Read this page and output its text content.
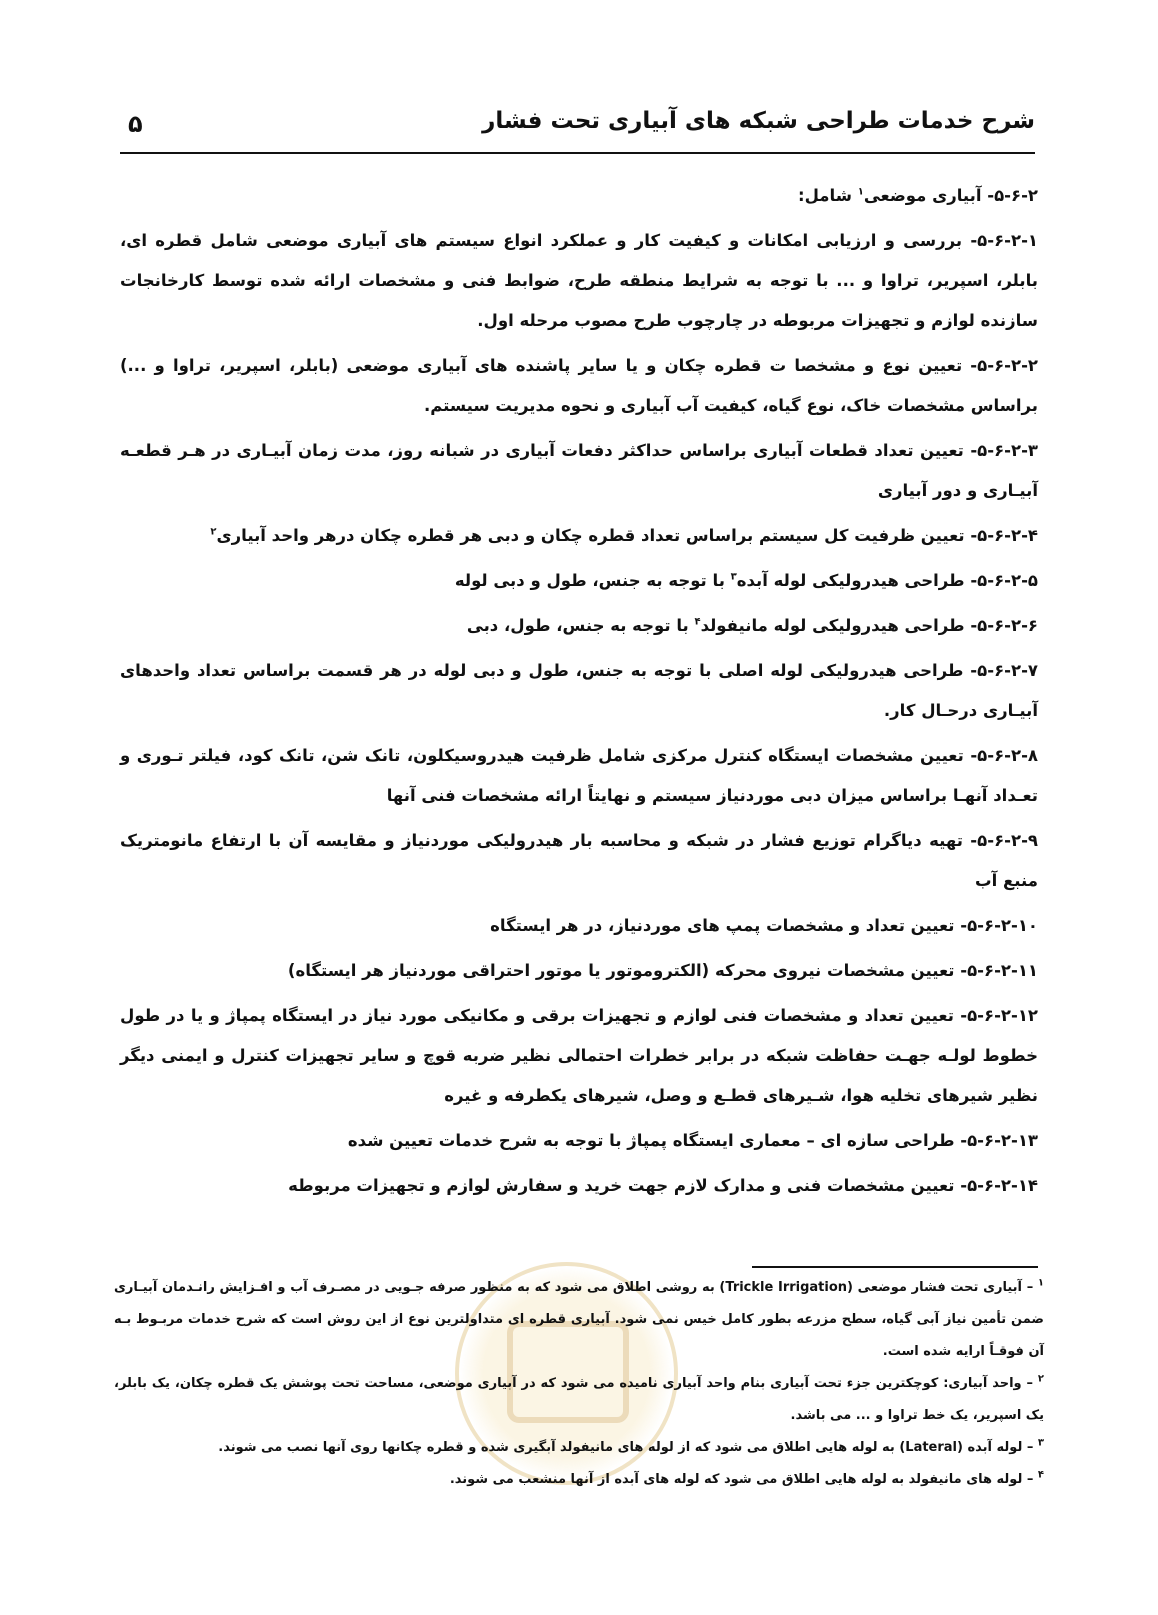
شرح خدمات طراحی شبکه های آبیاری تحت فشار
۵

۵-۶-۲- آبیاری موضعی$^۱$ شامل:

۵-۶-۲-۱- بررسی و ارزیابی امکانات و کیفیت کار و عملکرد انواع سیستم های آبیاری موضعی شامل قطره ای، بابلر، اسپریر، تراوا و ... با توجه به شرایط منطقه طرح، ضوابط فنی و مشخصات ارائه شده توسط کارخانجات سازنده لوازم و تجهیزات مربوطه در چارچوب طرح مصوب مرحله اول.

۵-۶-۲-۲- تعیین نوع و مشخصا ت قطره چکان و یا سایر پاشنده های آبیاری موضعی (بابلر، اسپریر، تراوا و ...) براساس مشخصات خاک، نوع گیاه، کیفیت آب آبیاری و نحوه مدیریت سیستم.

۵-۶-۲-۳- تعیین تعداد قطعات آبیاری براساس حداکثر دفعات آبیاری در شبانه روز، مدت زمان آبیـاری در هـر قطعـه آبیـاری و دور آبیاری

۵-۶-۲-۴- تعیین ظرفیت کل سیستم براساس تعداد قطره چکان و دبی هر قطره چکان درهر واحد آبیاری$^۲$

۵-۶-۲-۵- طراحی هیدرولیکی لوله آبده$^۳$ با توجه به جنس، طول و دبی لوله

۵-۶-۲-۶- طراحی هیدرولیکی لوله مانیفولد$^۴$ با توجه به جنس، طول، دبی

۵-۶-۲-۷- طراحی هیدرولیکی لوله اصلی با توجه به جنس، طول و دبی لوله در هر قسمت براساس تعداد واحدهای آبیـاری درحـال کار.

۵-۶-۲-۸- تعیین مشخصات ایستگاه کنترل مرکزی شامل ظرفیت هیدروسیکلون، تانک شن، تانک کود، فیلتر تـوری و تعـداد آنهـا براساس میزان دبی موردنیاز سیستم و نهایتاً ارائه مشخصات فنی آنها

۵-۶-۲-۹- تهیه دیاگرام توزیع فشار در شبکه و محاسبه بار هیدرولیکی موردنیاز و مقایسه آن با ارتفاع مانومتریک منبع آب

۵-۶-۲-۱۰- تعیین تعداد و مشخصات پمپ های موردنیاز، در هر ایستگاه

۵-۶-۲-۱۱- تعیین مشخصات نیروی محرکه (الکتروموتور یا موتور احتراقی موردنیاز هر ایستگاه)

۵-۶-۲-۱۲- تعیین تعداد و مشخصات فنی لوازم و تجهیزات برقی و مکانیکی مورد نیاز در ایستگاه پمپاژ و یا در طول خطوط لولـه جهـت حفاظت شبکه در برابر خطرات احتمالی نظیر ضربه قوچ و سایر تجهیزات کنترل و ایمنی دیگر نظیر شیرهای تخلیه هوا، شـیرهای قطـع و وصل، شیرهای یکطرفه و غیره

۵-۶-۲-۱۳- طراحی سازه ای – معماری ایستگاه پمپاژ با توجه به شرح خدمات تعیین شده

۵-۶-۲-۱۴- تعیین مشخصات فنی و مدارک لازم جهت خرید و سفارش لوازم و تجهیزات مربوطه

$^۱$ – آبیاری تحت فشار موضعی (Trickle Irrigation) به روشی اطلاق می شود که به منظور صرفه جـویی در مصـرف آب و افـزایش رانـدمان آبیـاری ضمن تأمین نیاز آبی گیاه، سطح مزرعه بطور کامل خیس نمی شود. آبیاری قطره ای متداولترین نوع از این روش است که شرح خدمات مربـوط بـه آن فوقـاً ارایه شده است.

$^۲$ – واحد آبیاری: کوچکترین جزء تحت آبیاری بنام واحد آبیاری نامیده می شود که در آبیاری موضعی، مساحت تحت پوشش یک قطره چکان، یک بابلر، یک اسپریر، یک خط تراوا و ... می باشد.

$^۳$ – لوله آبده (Lateral) به لوله هایی اطلاق می شود که از لوله های مانیفولد آبگیری شده و قطره چکانها روی آنها نصب می شوند.

$^۴$ – لوله های مانیفولد به لوله هایی اطلاق می شود که لوله های آبده از آنها منشعب می شوند.
